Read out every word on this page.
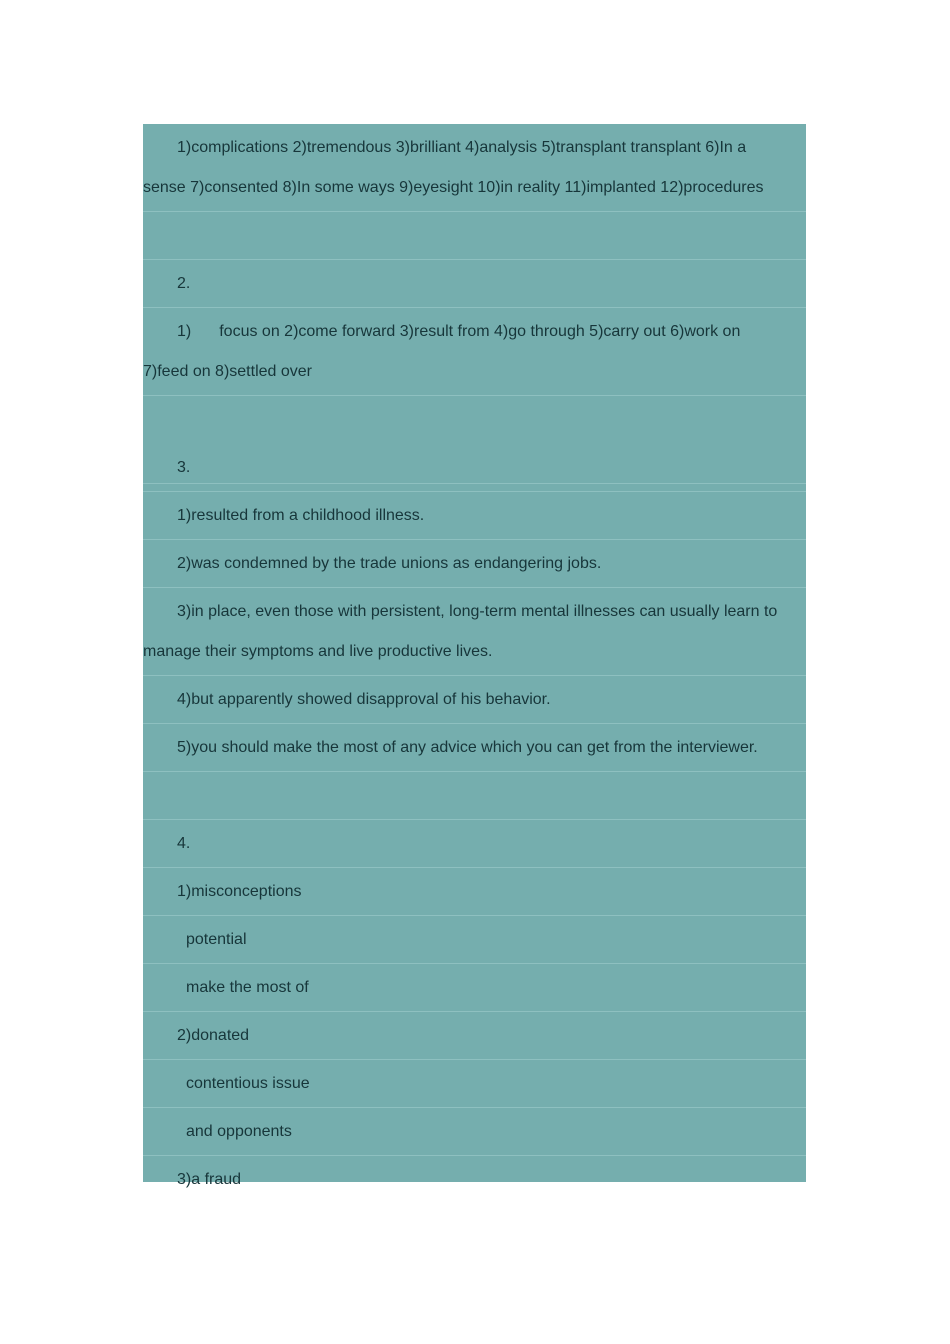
1)complications 2)tremendous 3)brilliant 4)analysis 5)transplant transplant 6)In a
sense 7)consented 8)In some ways 9)eyesight 10)in reality 11)implanted 12)procedures
2.
1) focus on 2)come forward 3)result from 4)go through 5)carry out 6)work on
7)feed on 8)settled over
3.
1)resulted from a childhood illness.
2)was condemned by the trade unions as endangering jobs.
3)in place, even those with persistent, long-term mental illnesses can usually learn to
manage their symptoms and live productive lives.
4)but apparently showed disapproval of his behavior.
5)you should make the most of any advice which you can get from the interviewer.
4.
1)misconceptions
potential
make the most of
2)donated
contentious issue
and opponents
3)a fraud
